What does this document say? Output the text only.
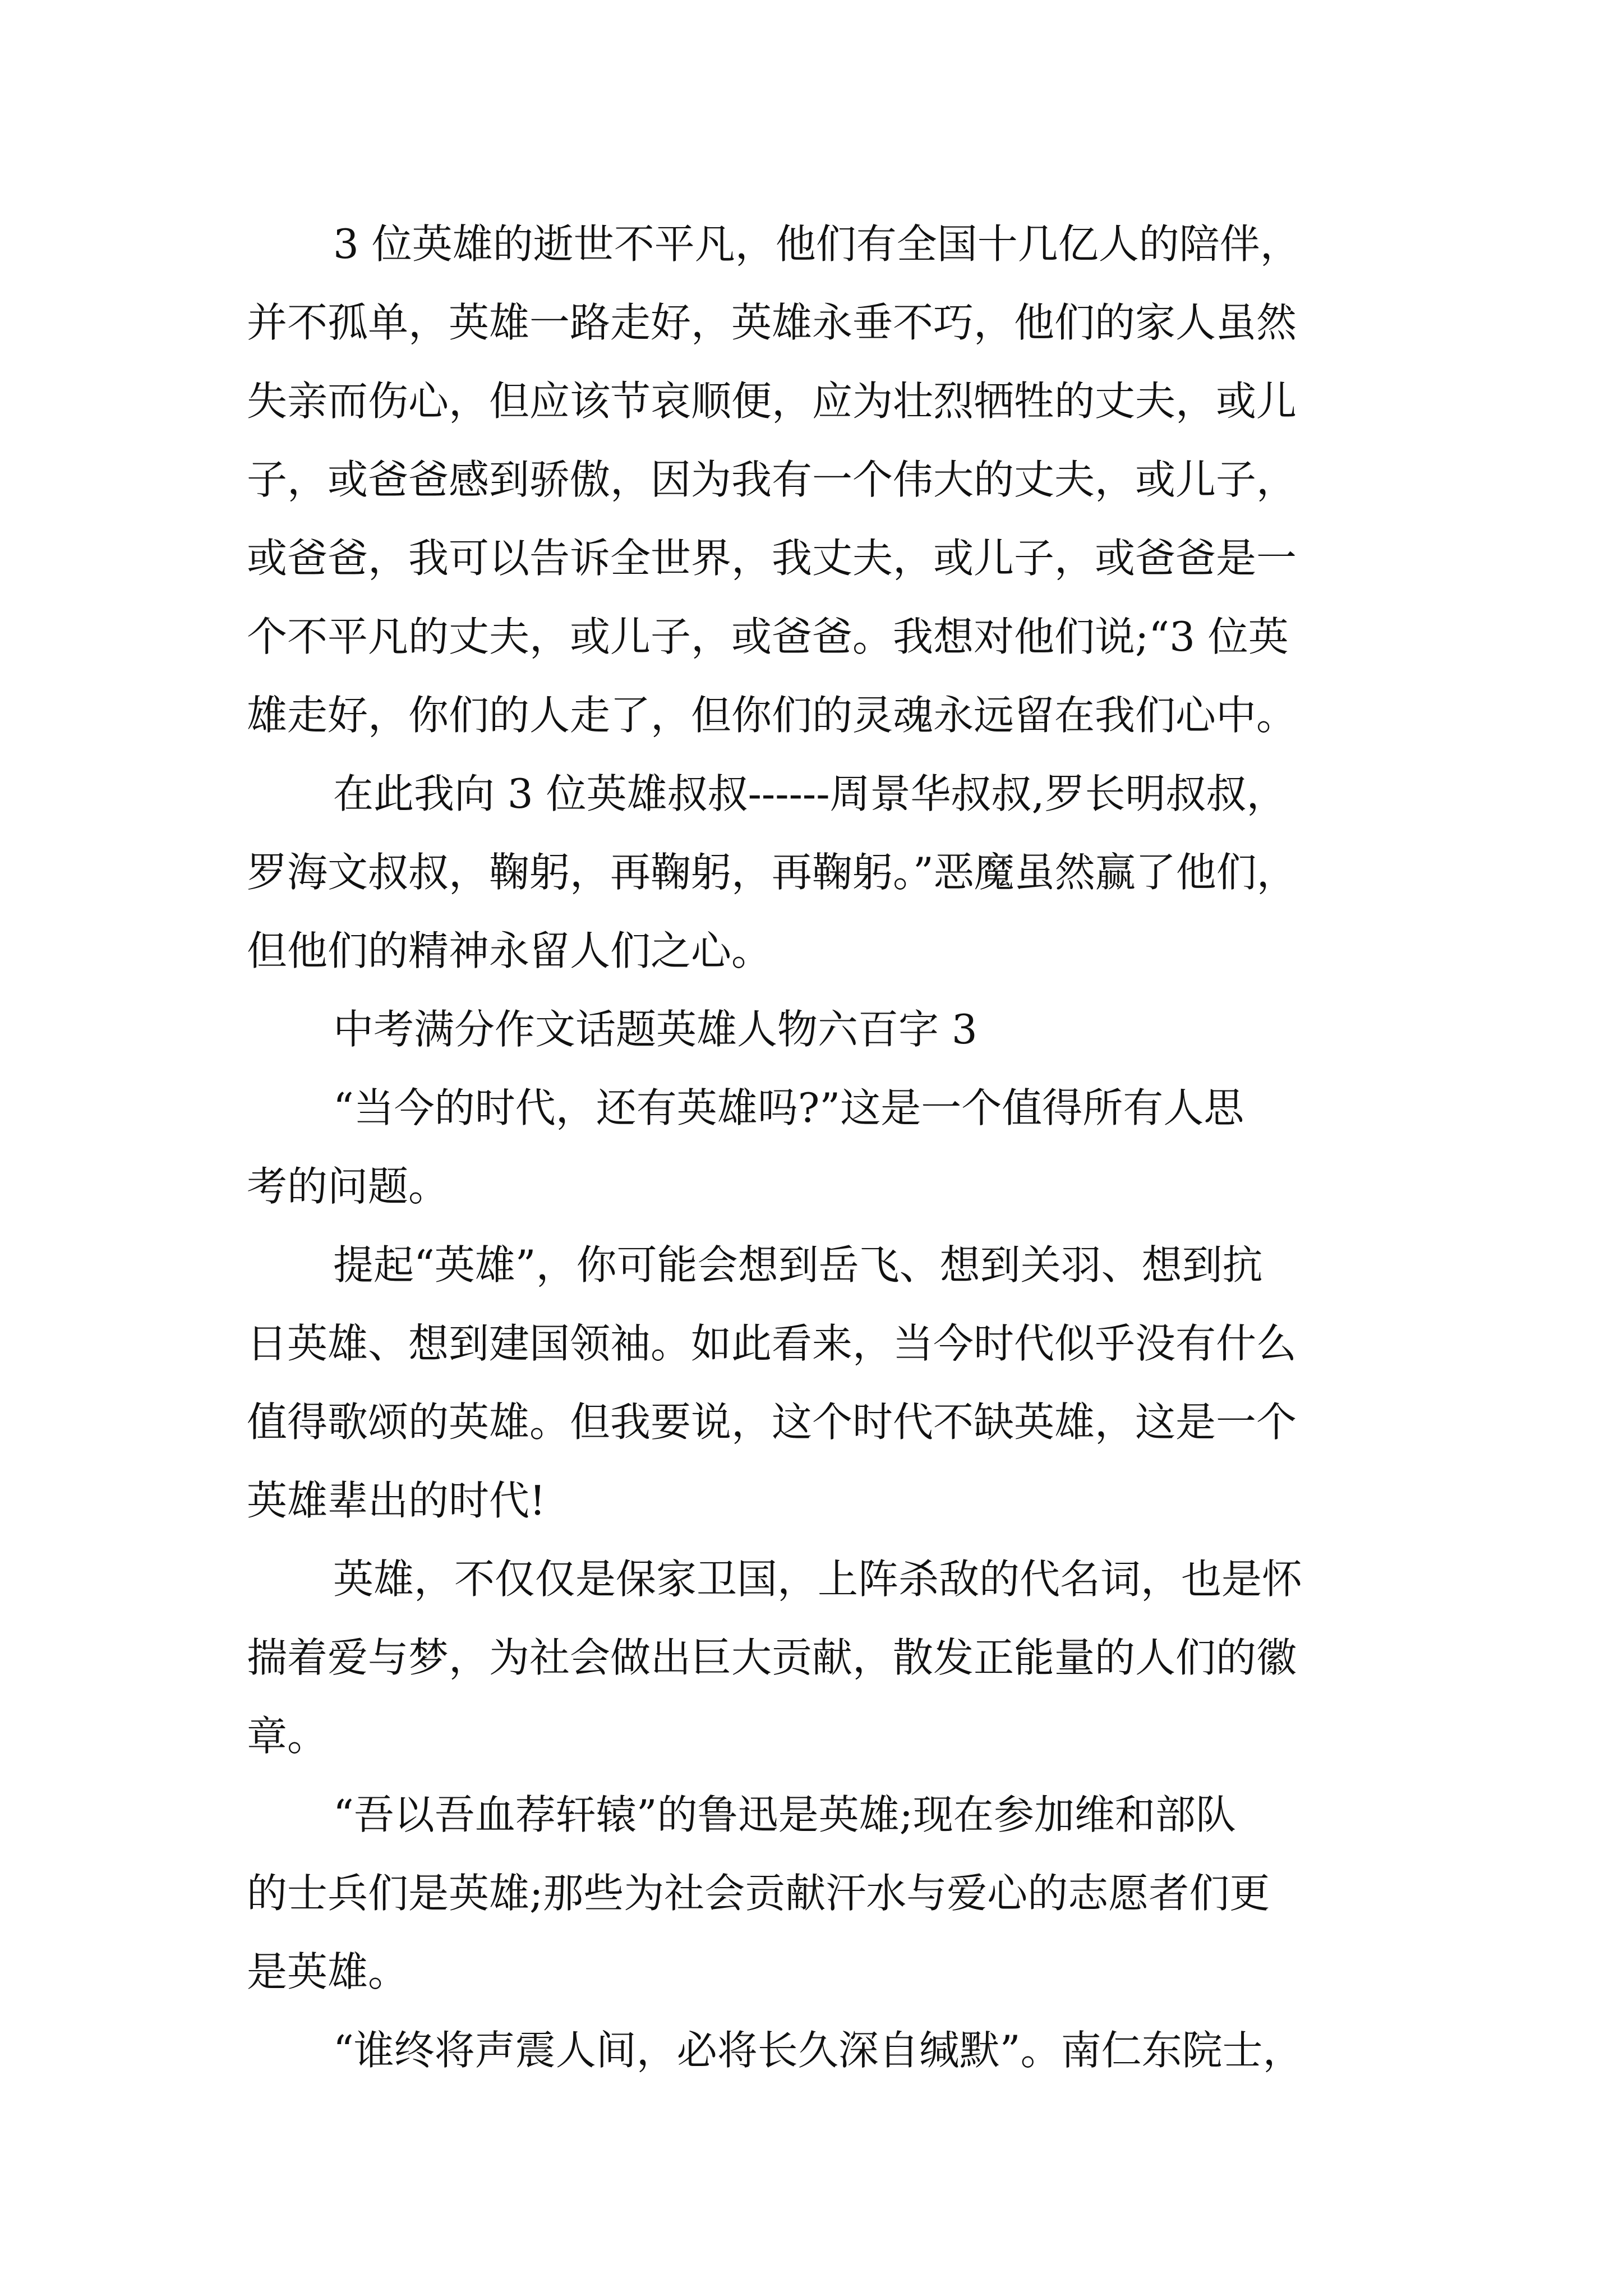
3 位英雄的逝世不平凡，他们有全国十几亿人的陪伴，
并不孤单，英雄一路走好，英雄永垂不巧，他们的家人虽然
失亲而伤心，但应该节哀顺便，应为壮烈牺牲的丈夫，或儿
子，或爸爸感到骄傲，因为我有一个伟大的丈夫，或儿子，
或爸爸，我可以告诉全世界，我丈夫，或儿子，或爸爸是一
个不平凡的丈夫，或儿子，或爸爸。我想对他们说;“3 位英
雄走好，你们的人走了，但你们的灵魂永远留在我们心中。
在此我向 3 位英雄叔叔------周景华叔叔,罗长明叔叔，
罗海文叔叔，鞠躬，再鞠躬，再鞠躬。”恶魔虽然赢了他们，
但他们的精神永留人们之心。
中考满分作文话题英雄人物六百字 3
“当今的时代，还有英雄吗?”这是一个值得所有人思
考的问题。
提起“英雄”，你可能会想到岳飞、想到关羽、想到抗
日英雄、想到建国领袖。如此看来，当今时代似乎没有什么
值得歌颂的英雄。但我要说，这个时代不缺英雄，这是一个
英雄辈出的时代!
英雄，不仅仅是保家卫国，上阵杀敌的代名词，也是怀
揣着爱与梦，为社会做出巨大贡献，散发正能量的人们的徽
章。
“吾以吾血荐轩辕”的鲁迅是英雄;现在参加维和部队
的士兵们是英雄;那些为社会贡献汗水与爱心的志愿者们更
是英雄。
“谁终将声震人间，必将长久深自缄默”。南仁东院士，
